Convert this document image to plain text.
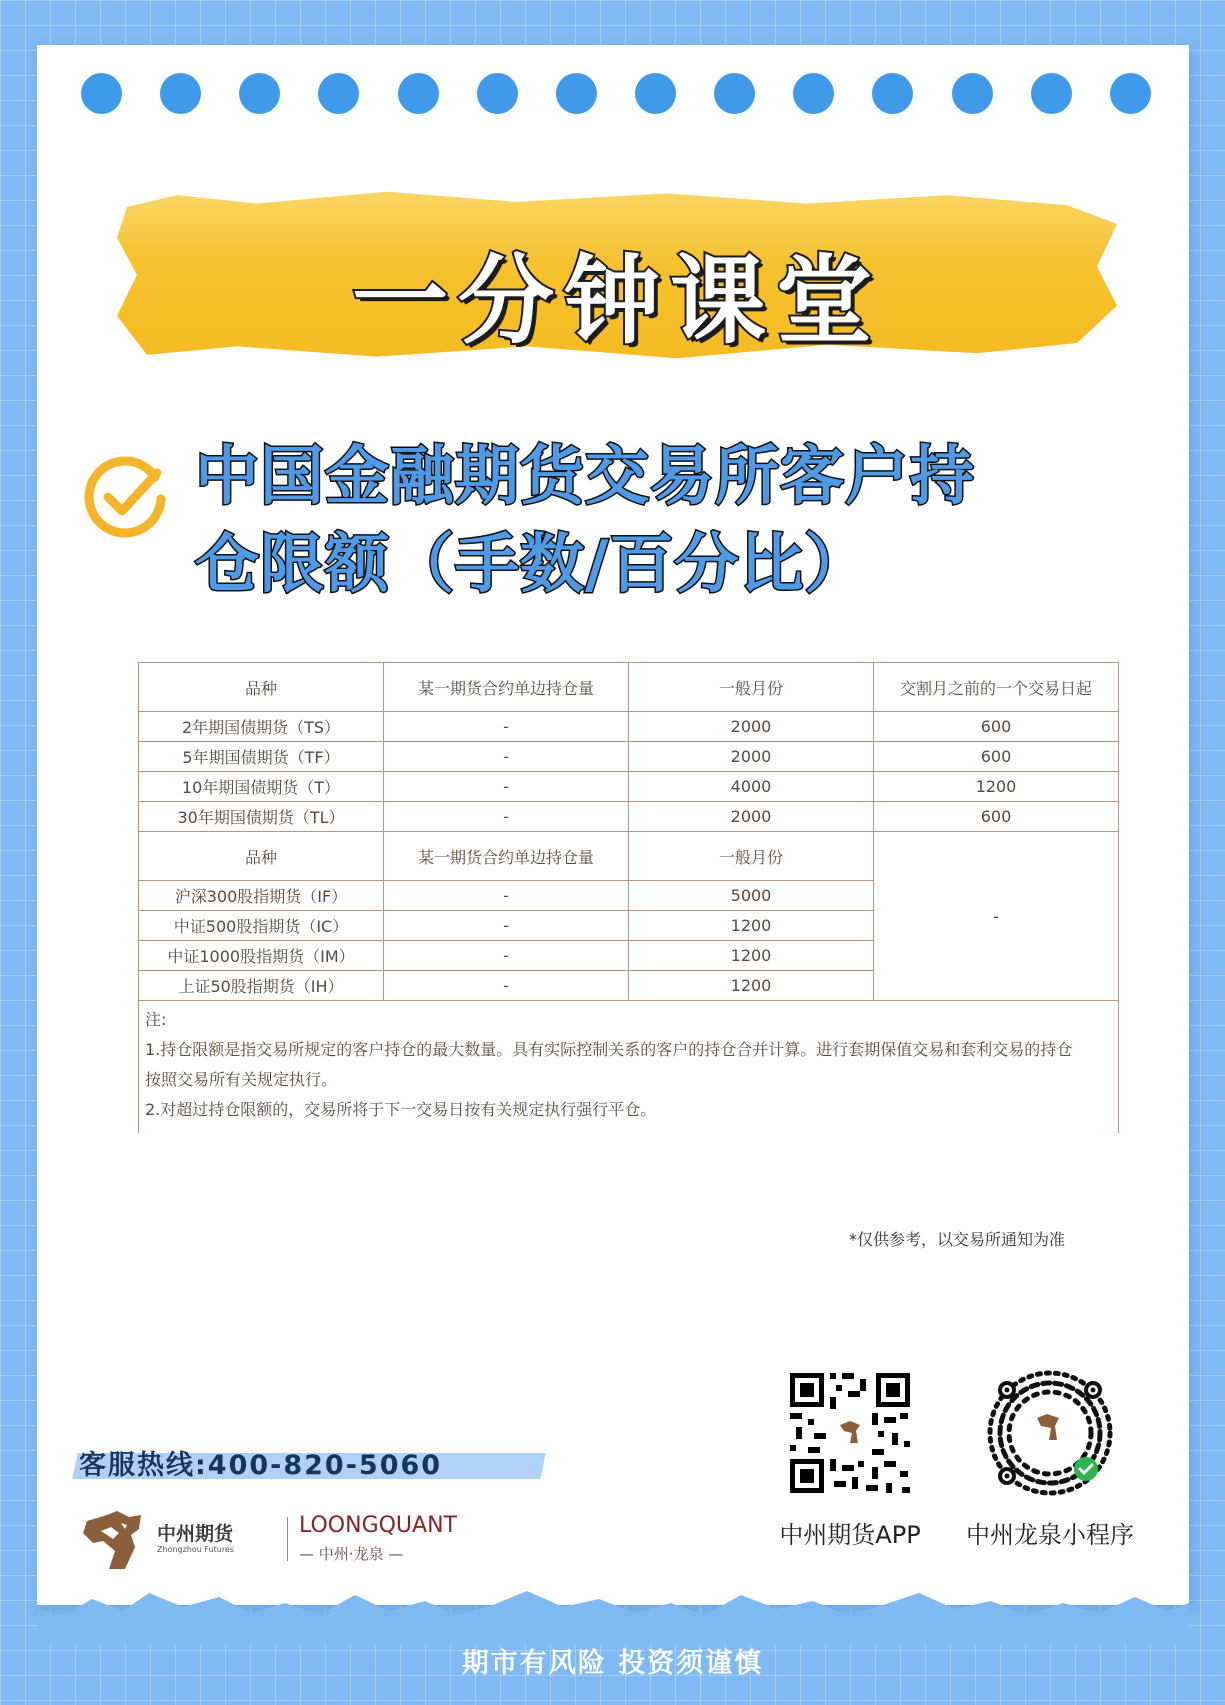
一分钟课堂
中国金融期货交易所客户持
仓限额（手数/百分比）
品种	某一期货合约单边持仓量	一般月份	交割月之前的一个交易日起
2年期国债期货（TS）	-	2000	600
5年期国债期货（TF）	-	2000	600
10年期国债期货（T）	-	4000	1200
30年期国债期货（TL）	-	2000	600
品种	某一期货合约单边持仓量	一般月份	-
沪深300股指期货（IF）	-	5000	
中证500股指期货（IC）	-	1200	
中证1000股指期货（IM）	-	1200	
上证50股指期货（IH）	-	1200	

注:
1.持仓限额是指交易所规定的客户持仓的最大数量。具有实际控制关系的客户的持仓合并计算。进行套期保值交易和套利交易的持仓
按照交易所有关规定执行。
2.对超过持仓限额的，交易所将于下一交易日按有关规定执行强行平仓。			
*仅供参考，以交易所通知为准
客服热线:400-820-5060
中州期货
Zhongzhou Futures
LOONGQUANT
— 中州·龙泉 —
中州期货APP	中州龙泉小程序
期市有风险 投资须谨慎
